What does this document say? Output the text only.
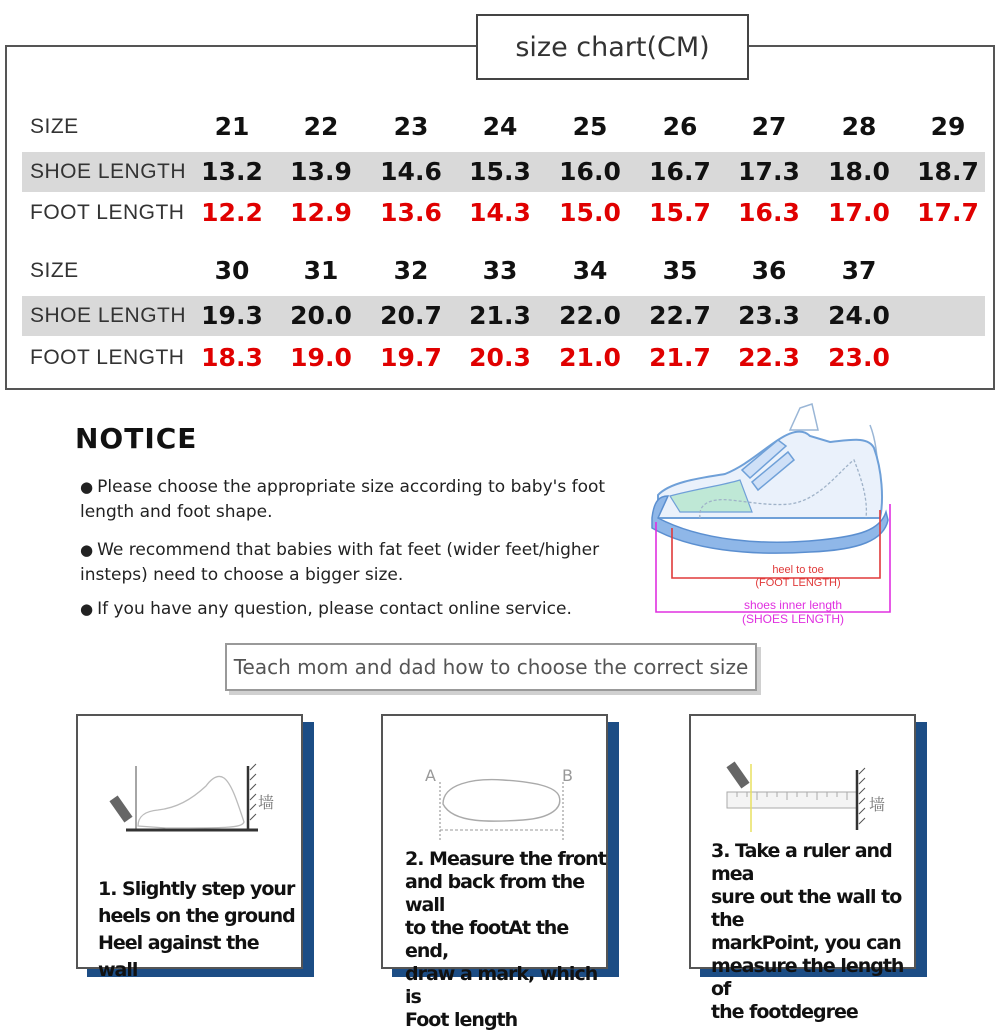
size chart(CM)
SIZE	21	22	23	24	25	26	27	28	29
SHOE LENGTH 13.2	13.9	14.6	15.3	16.0	16.7	17.3	18.0	18.7
FOOT LENGTH 12.2	12.9	13.6	14.3	15.0	15.7	16.3	17.0	17.7
SIZE	30	31	32	33	34	35	36	37
SHOE LENGTH 19.3	20.0	20.7	21.3	22.0	22.7	23.3	24.0
FOOT LENGTH 18.3	19.0	19.7	20.3	21.0	21.7	22.3	23.0
NOTICE
● Please choose the appropriate size according to baby's foot length and foot shape.
● We recommend that babies with fat feet (wider feet/higher insteps) need to choose a bigger size.
● If you have any question, please contact online service.
heel to toe
(FOOT LENGTH)
shoes inner length
(SHOES LENGTH)
Teach mom and dad how to choose the correct size
墙
1. Slightly step your
heels on the ground
Heel against the wall
A	B
2. Measure the front
and back from the wall
to the footAt the end,
draw a mark, which is
Foot length
墙
3. Take a ruler and mea
sure out the wall to the
markPoint, you can
measure the length of
the footdegree
